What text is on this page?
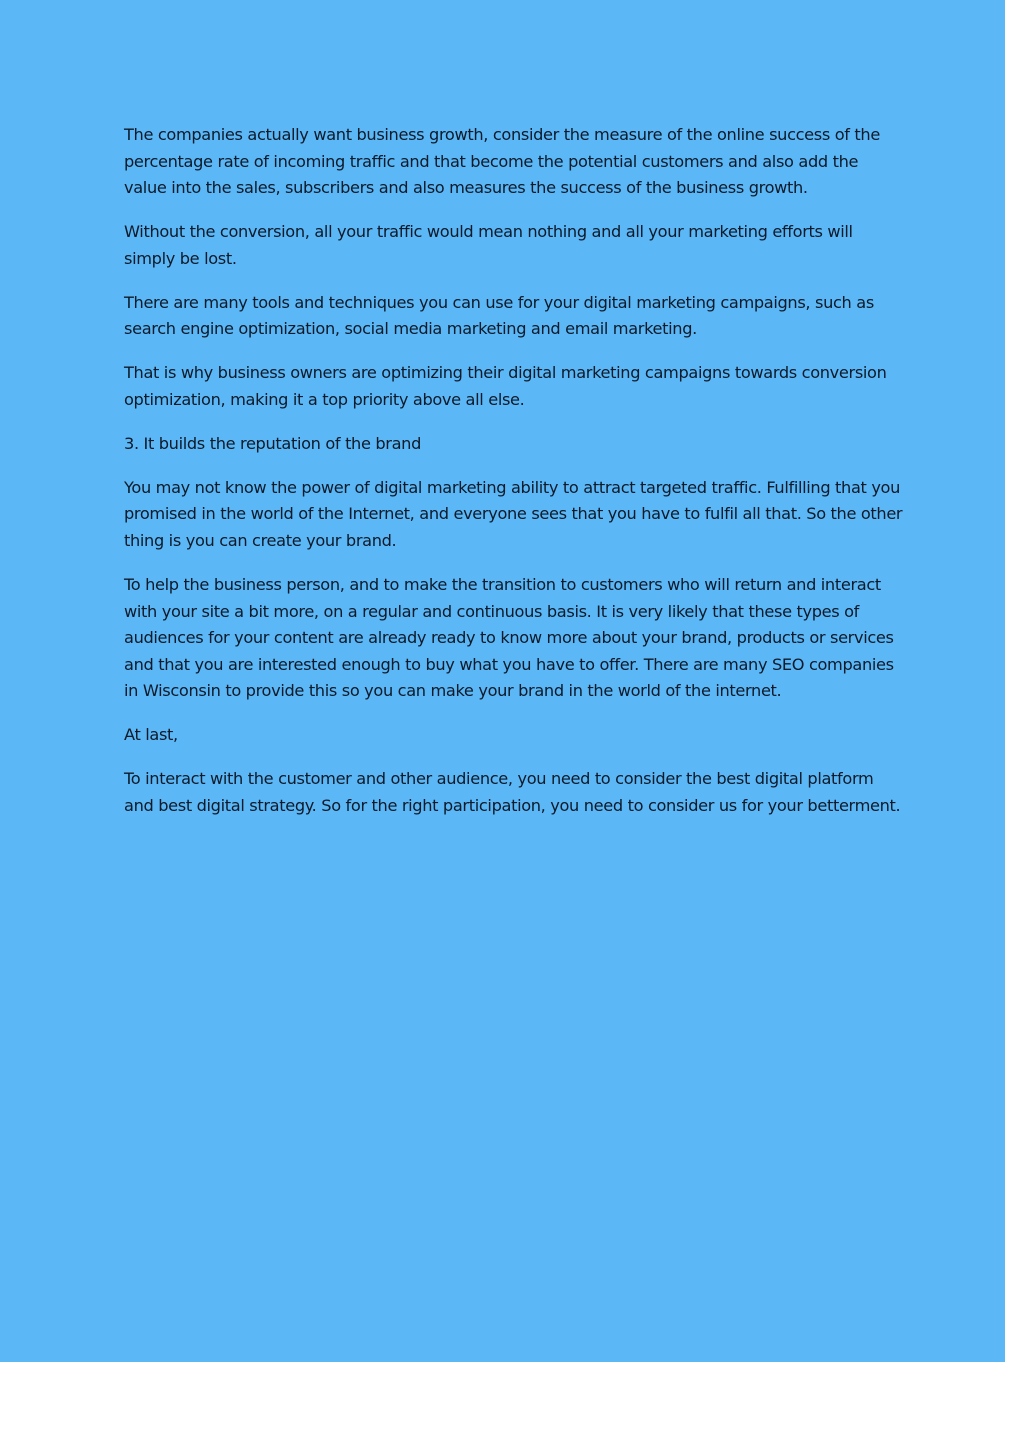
The companies actually want business growth, consider the measure of the online success of the percentage rate of incoming traffic and that become the potential customers and also add the value into the sales, subscribers and also measures the success of the business growth.

Without the conversion, all your traffic would mean nothing and all your marketing efforts will simply be lost.

There are many tools and techniques you can use for your digital marketing campaigns, such as search engine optimization, social media marketing and email marketing.

That is why business owners are optimizing their digital marketing campaigns towards conversion optimization, making it a top priority above all else.

3. It builds the reputation of the brand

You may not know the power of digital marketing ability to attract targeted traffic. Fulfilling that you promised in the world of the Internet, and everyone sees that you have to fulfil all that. So the other thing is you can create your brand.

To help the business person, and to make the transition to customers who will return and interact with your site a bit more, on a regular and continuous basis. It is very likely that these types of audiences for your content are already ready to know more about your brand, products or services and that you are interested enough to buy what you have to offer. There are many SEO companies in Wisconsin to provide this so you can make your brand in the world of the internet.

At last,

To interact with the customer and other audience, you need to consider the best digital platform and best digital strategy. So for the right participation, you need to consider us for your betterment.
